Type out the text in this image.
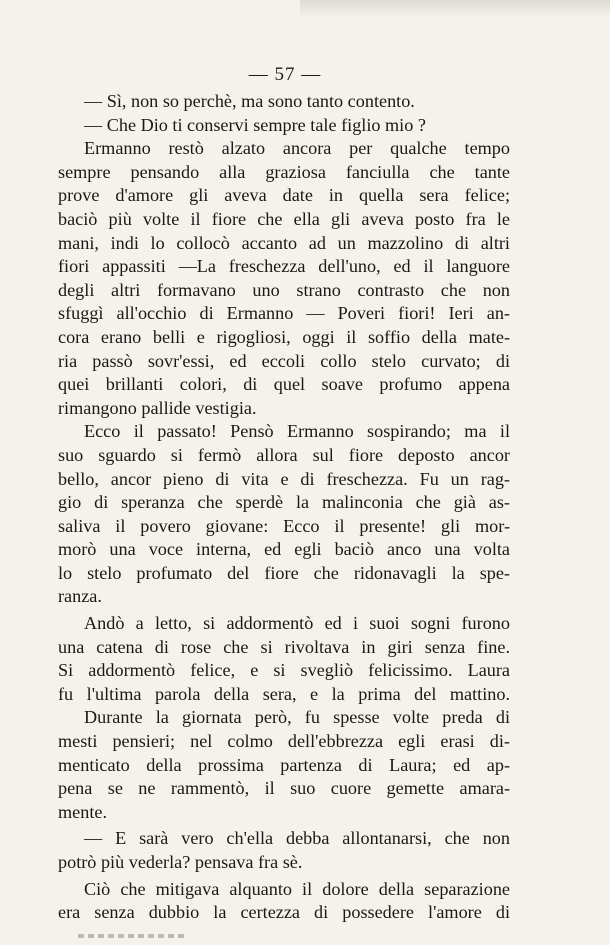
— 57 —
— Sì, non so perchè, ma sono tanto contento.
— Che Dio ti conservi sempre tale figlio mio ?
Ermanno restò alzato ancora per qualche tempo
sempre pensando alla graziosa fanciulla che tante
prove d'amore gli aveva date in quella sera felice;
baciò più volte il fiore che ella gli aveva posto fra le
mani, indi lo collocò accanto ad un mazzolino di altri
fiori appassiti —La freschezza dell'uno, ed il languore
degli altri formavano uno strano contrasto che non
sfuggì all'occhio di Ermanno — Poveri fiori! Ieri an-
cora erano belli e rigogliosi, oggi il soffio della mate-
ria passò sovr'essi, ed eccoli collo stelo curvato; di
quei brillanti colori, di quel soave profumo appena
rimangono pallide vestigia.
Ecco il passato! Pensò Ermanno sospirando; ma il
suo sguardo si fermò allora sul fiore deposto ancor
bello, ancor pieno di vita e di freschezza. Fu un rag-
gio di speranza che sperdè la malinconia che già as-
saliva il povero giovane: Ecco il presente! gli mor-
morò una voce interna, ed egli baciò anco una volta
lo stelo profumato del fiore che ridonavagli la spe-
ranza.
Andò a letto, si addormentò ed i suoi sogni furono
una catena di rose che si rivoltava in giri senza fine.
Si addormentò felice, e si svegliò felicissimo. Laura
fu l'ultima parola della sera, e la prima del mattino.
Durante la giornata però, fu spesse volte preda di
mesti pensieri; nel colmo dell'ebbrezza egli erasi di-
menticato della prossima partenza di Laura; ed ap-
pena se ne rammentò, il suo cuore gemette amara-
mente.
— E sarà vero ch'ella debba allontanarsi, che non
potrò più vederla? pensava fra sè.
Ciò che mitigava alquanto il dolore della separazione
era senza dubbio la certezza di possedere l'amore di
